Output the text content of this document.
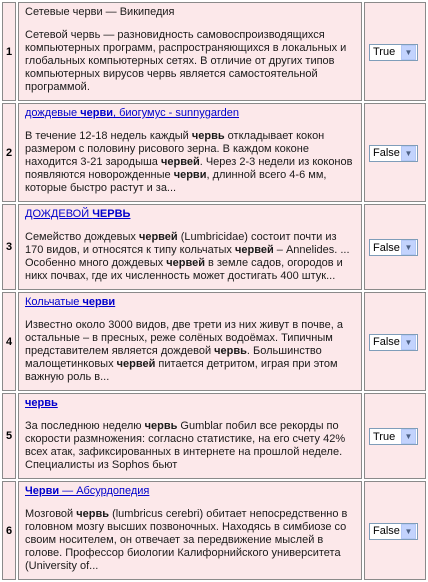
1	Сетевые черви — Википедия
Сетевой червь — разновидность самовоспроизводящихся компьютерных программ, распространяющихся в локальных и глобальных компьютерных сетях. В отличие от других типов компьютерных вирусов червь является самостоятельной программой.	True ▼

2	дождевые черви, биогумус - sunnygarden
В течение 12-18 недель каждый червь откладывает кокон размером с половину рисового зерна. В каждом коконе находится 3-21 зародыша червей. Через 2-3 недели из коконов появляются новорожденные черви, длинной всего 4-6 мм, которые быстро растут и за...	False ▼

3	ДОЖДЕВОЙ ЧЕРВЬ
Семейство дождевых червей (Lumbricidae) состоит почти из 170 видов, и относятся к типу кольчатых червей – Annelides. ... Особенно много дождевых червей в земле садов, огородов и никх почвах, где их численность может достигать 400 штук...	False ▼

4	Кольчатые черви
Известно около 3000 видов, две трети из них живут в почве, а остальные – в пресных, реже солёных водоёмах. Типичным представителем является дождевой червь. Большинство малощетинковых червей питается детритом, играя при этом важную роль в...	False ▼

5	червь
За последнюю неделю червь Gumblar побил все рекорды по скорости размножения: согласно статистике, на его счету 42% всех атак, зафиксированных в интернете на прошлой неделе. Специалисты из Sophos бьют	True ▼

6	Черви — Абсурдопедия
Мозговой червь (lumbricus cerebri) обитает непосредственно в головном мозгу высших позвоночных. Находясь в симбиозе со своим носителем, он отвечает за передвижение мыслей в голове. Профессор биологии Калифорнийского университета (University of...	False ▼
